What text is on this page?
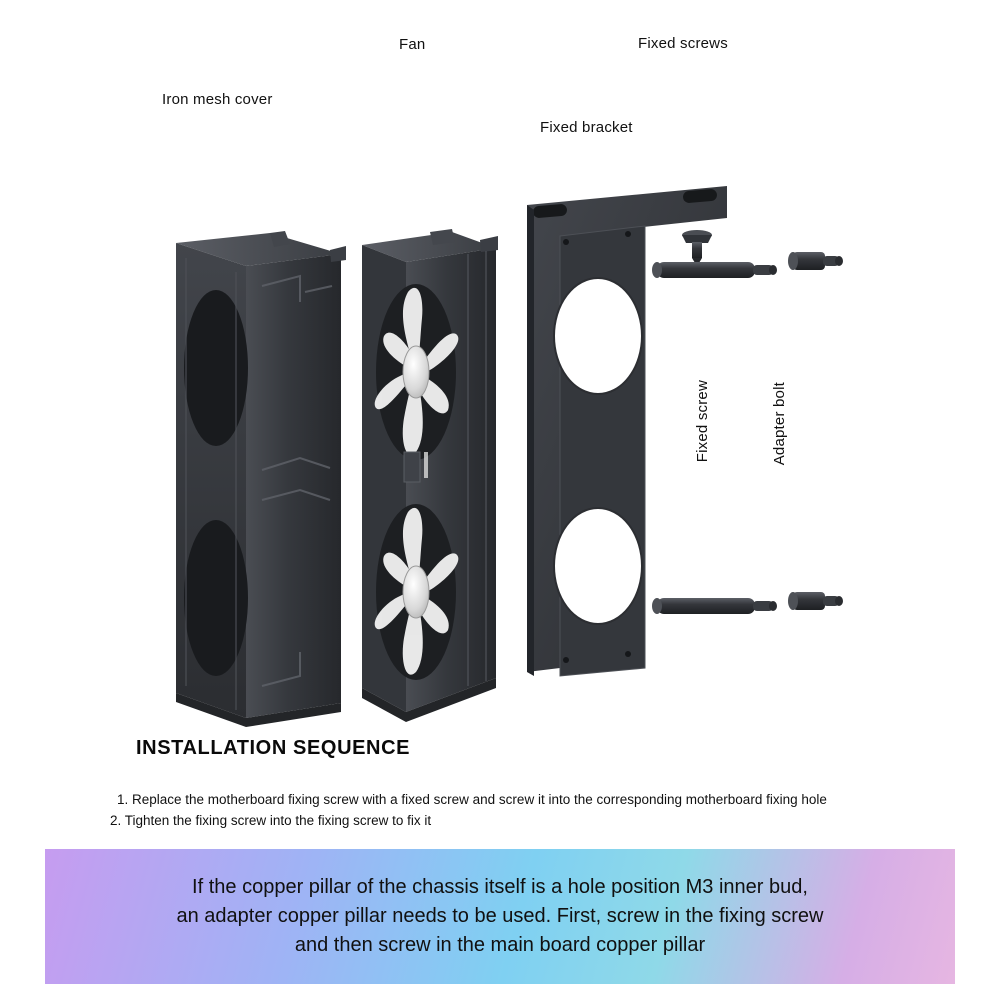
Iron mesh cover
Fan	Fixed screws
Fixed bracket
Fixed screw	Adapter bolt
INSTALLATION SEQUENCE
1. Replace the motherboard fixing screw with a fixed screw and screw it into the corresponding motherboard fixing hole
2. Tighten the fixing screw into the fixing screw to fix it
If the copper pillar of the chassis itself is a hole position M3 inner bud,
an adapter copper pillar needs to be used. First, screw in the fixing screw
and then screw in the main board copper pillar
